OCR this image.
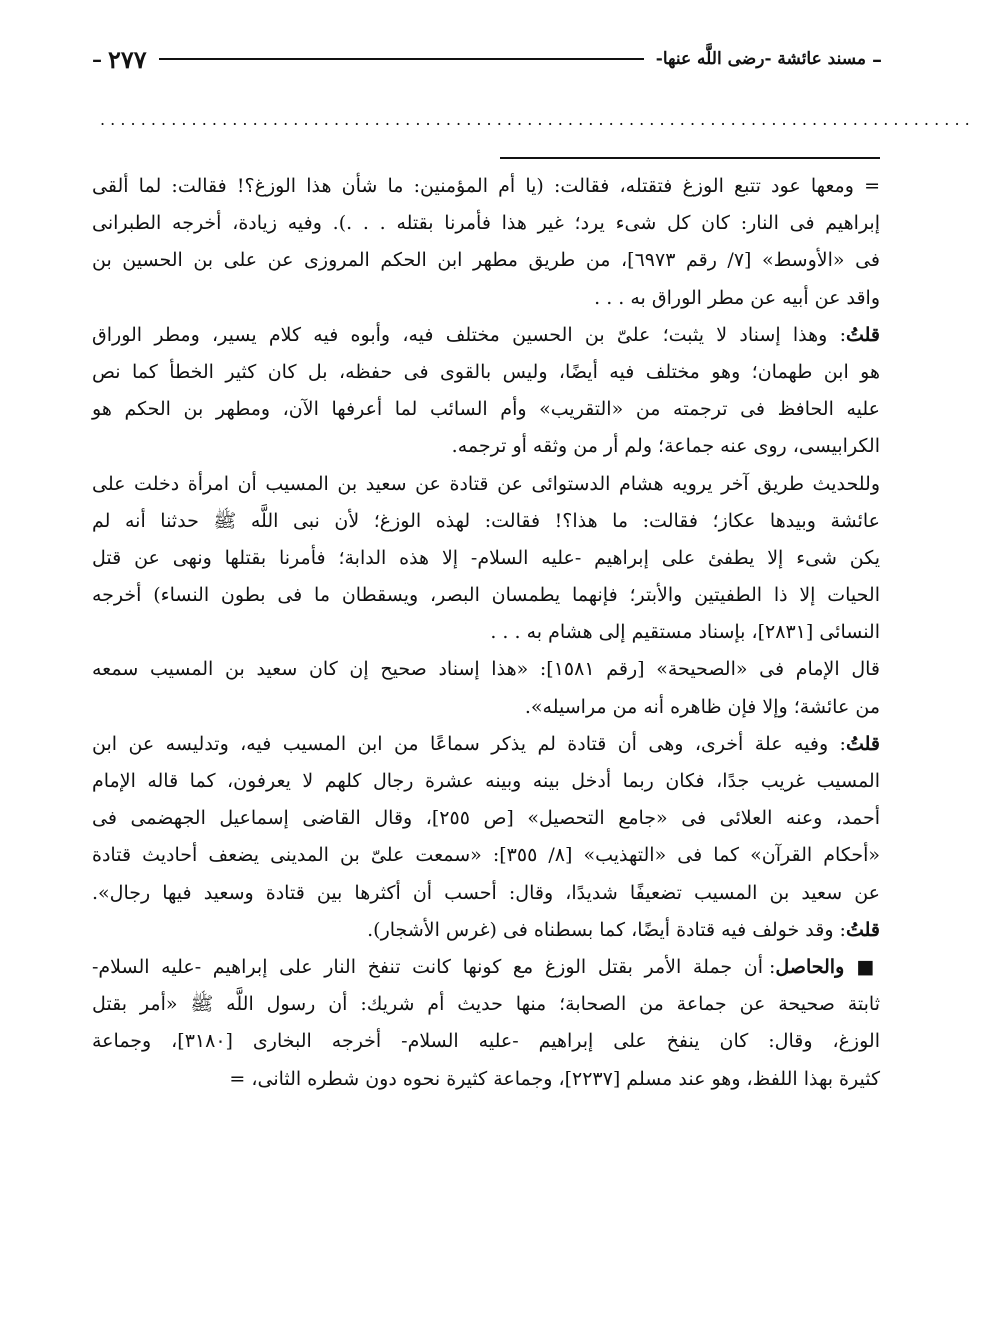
–
مسند عائشة -رضى اللَّه عنها-
٢٧٧
–
. . . . . . . . . . . . . . . . . . . . . . . . . . . . . . . . . . . . . . . . . . . . . . . . . . . . . . . . . . . . . . . . . . . . . . . . . . . . . . . . . . . . . .
= ومعها عود تتبع الوزغ فتقتله، فقالت: (يا أم المؤمنين: ما شأن هذا الوزغ؟! فقالت: لما ألقى
إبراهيم فى النار: كان كل شىء يرد؛ غير هذا فأمرنا بقتله . . .). وفيه زيادة، أخرجه الطبرانى
فى «الأوسط» [٧/ رقم ٦٩٧٣]، من طريق مطهر ابن الحكم المروزى عن على بن الحسين بن
واقد عن أبيه عن مطر الوراق به . . .
قلتُ: وهذا إسناد لا يثبت؛ علىّ بن الحسين مختلف فيه، وأبوه فيه كلام يسير، ومطر الوراق
هو ابن طهمان؛ وهو مختلف فيه أيضًا، وليس بالقوى فى حفظه، بل كان كثير الخطأ كما نص
عليه الحافظ فى ترجمته من «التقريب» وأم السائب لما أعرفها الآن، ومطهر بن الحكم هو
الكرابيسى، روى عنه جماعة؛ ولم أر من وثقه أو ترجمه.
وللحديث طريق آخر يرويه هشام الدستوائى عن قتادة عن سعيد بن المسيب أن امرأة دخلت على
عائشة وبيدها عكاز؛ فقالت: ما هذا؟! فقالت: لهذه الوزغ؛ لأن نبى اللَّه ﷺ حدثنا أنه لم
يكن شىء إلا يطفئ على إبراهيم -عليه السلام- إلا هذه الدابة؛ فأمرنا بقتلها ونهى عن قتل
الحيات إلا ذا الطفيتين والأبتر؛ فإنهما يطمسان البصر، ويسقطان ما فى بطون النساء) أخرجه
النسائى [٢٨٣١]، بإسناد مستقيم إلى هشام به . . .
قال الإمام فى «الصحيحة» [رقم ١٥٨١]: «هذا إسناد صحيح إن كان سعيد بن المسيب سمعه
من عائشة؛ وإلا فإن ظاهره أنه من مراسيله».
قلتُ: وفيه علة أخرى، وهى أن قتادة لم يذكر سماعًا من ابن المسيب فيه، وتدليسه عن ابن
المسيب غريب جدًا، فكان ربما أدخل بينه وبينه عشرة رجال كلهم لا يعرفون، كما قاله الإمام
أحمد، وعنه العلائى فى «جامع التحصيل» [ص ٢٥٥]، وقال القاضى إسماعيل الجهضمى فى
«أحكام القرآن» كما فى «التهذيب» [٨/ ٣٥٥]: «سمعت علىّ بن المدينى يضعف أحاديث قتادة
عن سعيد بن المسيب تضعيفًا شديدًا، وقال: أحسب أن أكثرها بين قتادة وسعيد فيها رجال».
قلتُ: وقد خولف فيه قتادة أيضًا، كما بسطناه فى (غرس الأشجار).
■ والحاصل: أن جملة الأمر بقتل الوزغ مع كونها كانت تنفخ النار على إبراهيم -عليه السلام-
ثابتة صحيحة عن جماعة من الصحابة؛ منها حديث أم شريك: أن رسول اللَّه ﷺ «أمر بقتل
الوزغ، وقال: كان ينفخ على إبراهيم -عليه السلام- أخرجه البخارى [٣١٨٠]، وجماعة
كثيرة بهذا اللفظ، وهو عند مسلم [٢٢٣٧]، وجماعة كثيرة نحوه دون شطره الثانى، =
